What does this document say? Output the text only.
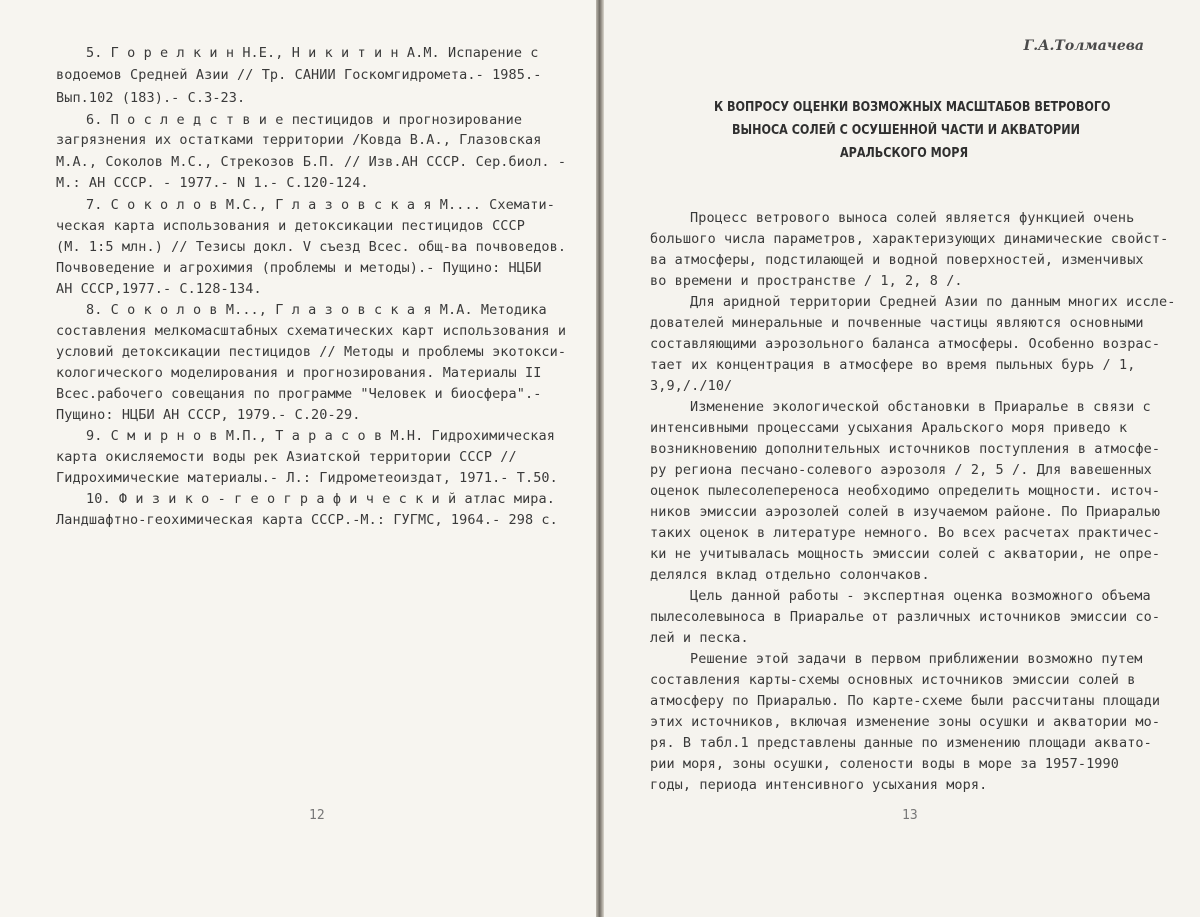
5. Г о р е л к и н Н.Е., Н и к и т и н А.М. Испарение с
водоемов Средней Азии // Тр. САНИИ Госкомгидромета.- 1985.-
Вып.102 (183).- С.3-23.
6. П о с л е д с т в и е пестицидов и прогнозирование
загрязнения их остатками территории /Ковда В.А., Глазовская
М.А., Соколов М.С., Стрекозов Б.П. // Изв.АН СССР. Сер.биол. -
М.: АН СССР. - 1977.- N 1.- С.120-124.
7. С о к о л о в М.С., Г л а з о в с к а я М.... Схемати-
ческая карта использования и детоксикации пестицидов СССР
(М. 1:5 млн.) // Тезисы докл. V съезд Всес. общ-ва почвоведов.
Почвоведение и агрохимия (проблемы и методы).- Пущино: НЦБИ
АН СССР,1977.- С.128-134.
8. С о к о л о в М..., Г л а з о в с к а я М.А. Методика
составления мелкомасштабных схематических карт использования и
условий детоксикации пестицидов // Методы и проблемы экотокси-
кологического моделирования и прогнозирования. Материалы II
Всес.рабочего совещания по программе "Человек и биосфера".-
Пущино: НЦБИ АН СССР, 1979.- С.20-29.
9. С м и р н о в М.П., Т а р а с о в М.Н. Гидрохимическая
карта окисляемости воды рек Азиатской территории СССР //
Гидрохимические материалы.- Л.: Гидрометеоиздат, 1971.- Т.50.
10. Ф и з и к о - г е о г р а ф и ч е с к и й атлас мира.
Ландшафтно-геохимическая карта СССР.-М.: ГУГМС, 1964.- 298 с.
12
Г.А.Толмачева
К ВОПРОСУ ОЦЕНКИ ВОЗМОЖНЫХ МАСШТАБОВ ВЕТРОВОГО
ВЫНОСА СОЛЕЙ С ОСУШЕННОЙ ЧАСТИ И АКВАТОРИИ
АРАЛЬСКОГО МОРЯ
Процесс ветрового выноса солей является функцией очень
большого числа параметров, характеризующих динамические свойст-
ва атмосферы, подстилающей и водной поверхностей, изменчивых
во времени и пространстве / 1, 2, 8 /.
Для аридной территории Средней Азии по данным многих иссле-
дователей минеральные и почвенные частицы являются основными
составляющими аэрозольного баланса атмосферы. Особенно возрас-
тает их концентрация в атмосфере во время пыльных бурь / 1,
3,9,/./10/
Изменение экологической обстановки в Приаралье в связи с
интенсивными процессами усыхания Аральского моря приведо к
возникновению дополнительных источников поступления в атмосфе-
ру региона песчано-солевого аэрозоля / 2, 5 /. Для вавешенных
оценок пылесолепереноса необходимо определить мощности. источ-
ников эмиссии аэрозолей солей в изучаемом районе. По Приаралью
таких оценок в литературе немного. Во всех расчетах практичес-
ки не учитывалась мощность эмиссии солей с акватории, не опре-
делялся вклад отдельно солончаков.
Цель данной работы - экспертная оценка возможного объема
пылесолевыноса в Приаралье от различных источников эмиссии со-
лей и песка.
Решение этой задачи в первом приближении возможно путем
составления карты-схемы основных источников эмиссии солей в
атмосферу по Приаралью. По карте-схеме были рассчитаны площади
этих источников, включая изменение зоны осушки и акватории мо-
ря. В табл.1 представлены данные по изменению площади аквато-
рии моря, зоны осушки, солености воды в море за 1957-1990
годы, периода интенсивного усыхания моря.
13
